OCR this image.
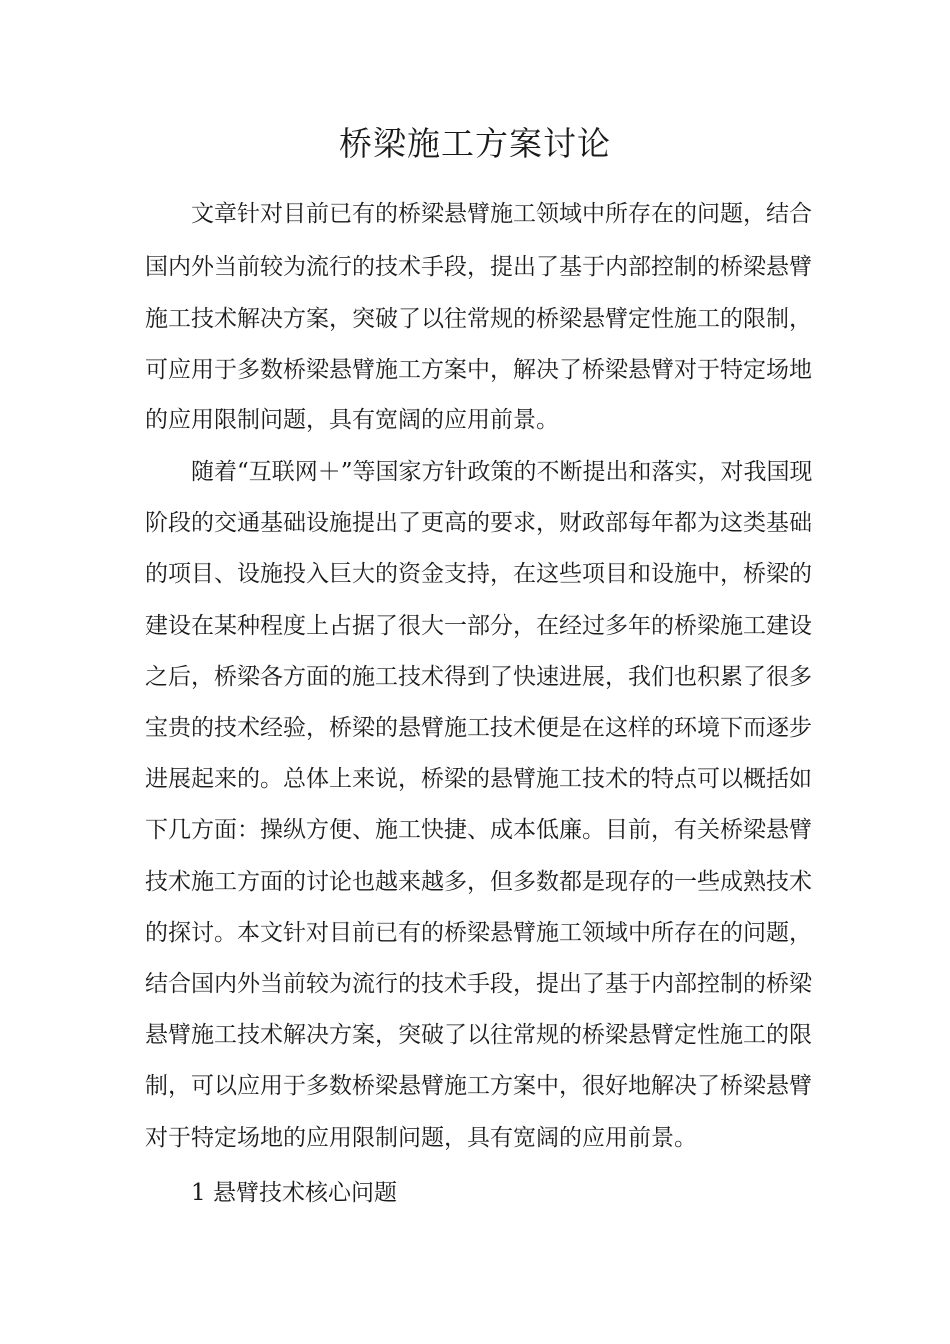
桥梁施工方案讨论
文章针对目前已有的桥梁悬臂施工领域中所存在的问题，结合
国内外当前较为流行的技术手段，提出了基于内部控制的桥梁悬臂
施工技术解决方案，突破了以往常规的桥梁悬臂定性施工的限制，
可应用于多数桥梁悬臂施工方案中，解决了桥梁悬臂对于特定场地
的应用限制问题，具有宽阔的应用前景。
随着“互联网＋”等国家方针政策的不断提出和落实，对我国现
阶段的交通基础设施提出了更高的要求，财政部每年都为这类基础
的项目、设施投入巨大的资金支持，在这些项目和设施中，桥梁的
建设在某种程度上占据了很大一部分，在经过多年的桥梁施工建设
之后，桥梁各方面的施工技术得到了快速进展，我们也积累了很多
宝贵的技术经验，桥梁的悬臂施工技术便是在这样的环境下而逐步
进展起来的。总体上来说，桥梁的悬臂施工技术的特点可以概括如
下几方面：操纵方便、施工快捷、成本低廉。目前，有关桥梁悬臂
技术施工方面的讨论也越来越多，但多数都是现存的一些成熟技术
的探讨。本文针对目前已有的桥梁悬臂施工领域中所存在的问题，
结合国内外当前较为流行的技术手段，提出了基于内部控制的桥梁
悬臂施工技术解决方案，突破了以往常规的桥梁悬臂定性施工的限
制，可以应用于多数桥梁悬臂施工方案中，很好地解决了桥梁悬臂
对于特定场地的应用限制问题，具有宽阔的应用前景。
1 悬臂技术核心问题
